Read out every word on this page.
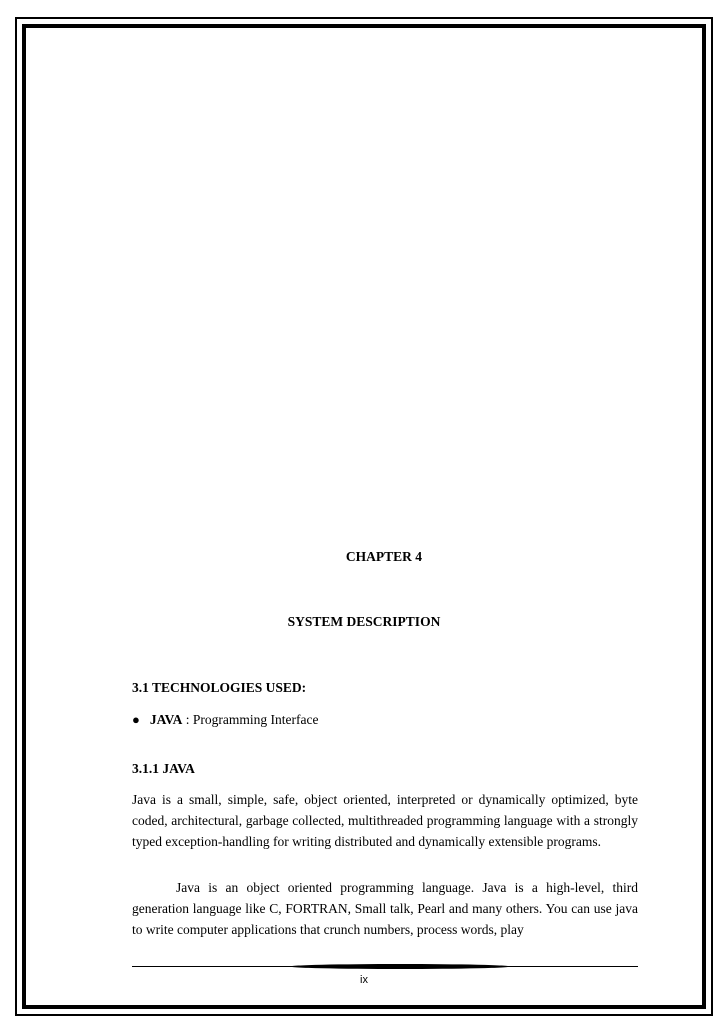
CHAPTER 4
SYSTEM DESCRIPTION
3.1 TECHNOLOGIES USED:
● JAVA : Programming Interface
3.1.1 JAVA
Java is a small, simple, safe, object oriented, interpreted or dynamically optimized, byte coded, architectural, garbage collected, multithreaded programming language with a strongly typed exception-handling for writing distributed and dynamically extensible programs.
Java is an object oriented programming language. Java is a high-level, third generation language like C, FORTRAN, Small talk, Pearl and many others. You can use java to write computer applications that crunch numbers, process words, play
ix
